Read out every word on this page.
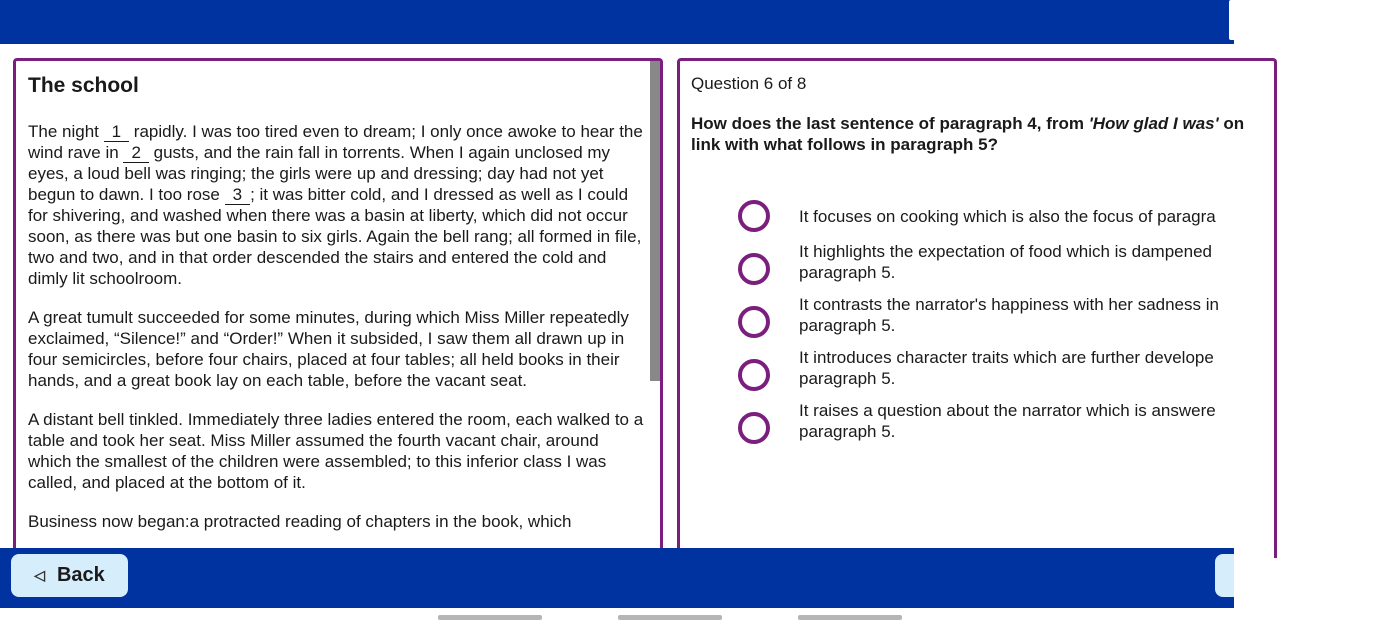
The school

The night 1 rapidly. I was too tired even to dream; I only once awoke to hear the wind rave in 2 gusts, and the rain fall in torrents. When I again unclosed my eyes, a loud bell was ringing; the girls were up and dressing; day had not yet begun to dawn. I too rose 3 ; it was bitter cold, and I dressed as well as I could for shivering, and washed when there was a basin at liberty, which did not occur soon, as there was but one basin to six girls. Again the bell rang; all formed in file, two and two, and in that order descended the stairs and entered the cold and dimly lit schoolroom.

A great tumult succeeded for some minutes, during which Miss Miller repeatedly exclaimed, “Silence!” and “Order!” When it subsided, I saw them all drawn up in four semicircles, before four chairs, placed at four tables; all held books in their hands, and a great book lay on each table, before the vacant seat.

A distant bell tinkled. Immediately three ladies entered the room, each walked to a table and took her seat. Miss Miller assumed the fourth vacant chair, around which the smallest of the children were assembled; to this inferior class I was called, and placed at the bottom of it.

Business now began:a protracted reading of chapters in the book, which

Question 6 of 8
How does the last sentence of paragraph 4, from 'How glad I was' on
link with what follows in paragraph 5?
It focuses on cooking which is also the focus of paragra
It highlights the expectation of food which is dampened
paragraph 5.
It contrasts the narrator's happiness with her sadness in
paragraph 5.
It introduces character traits which are further develope
paragraph 5.
It raises a question about the narrator which is answere
paragraph 5.
◁ Back
